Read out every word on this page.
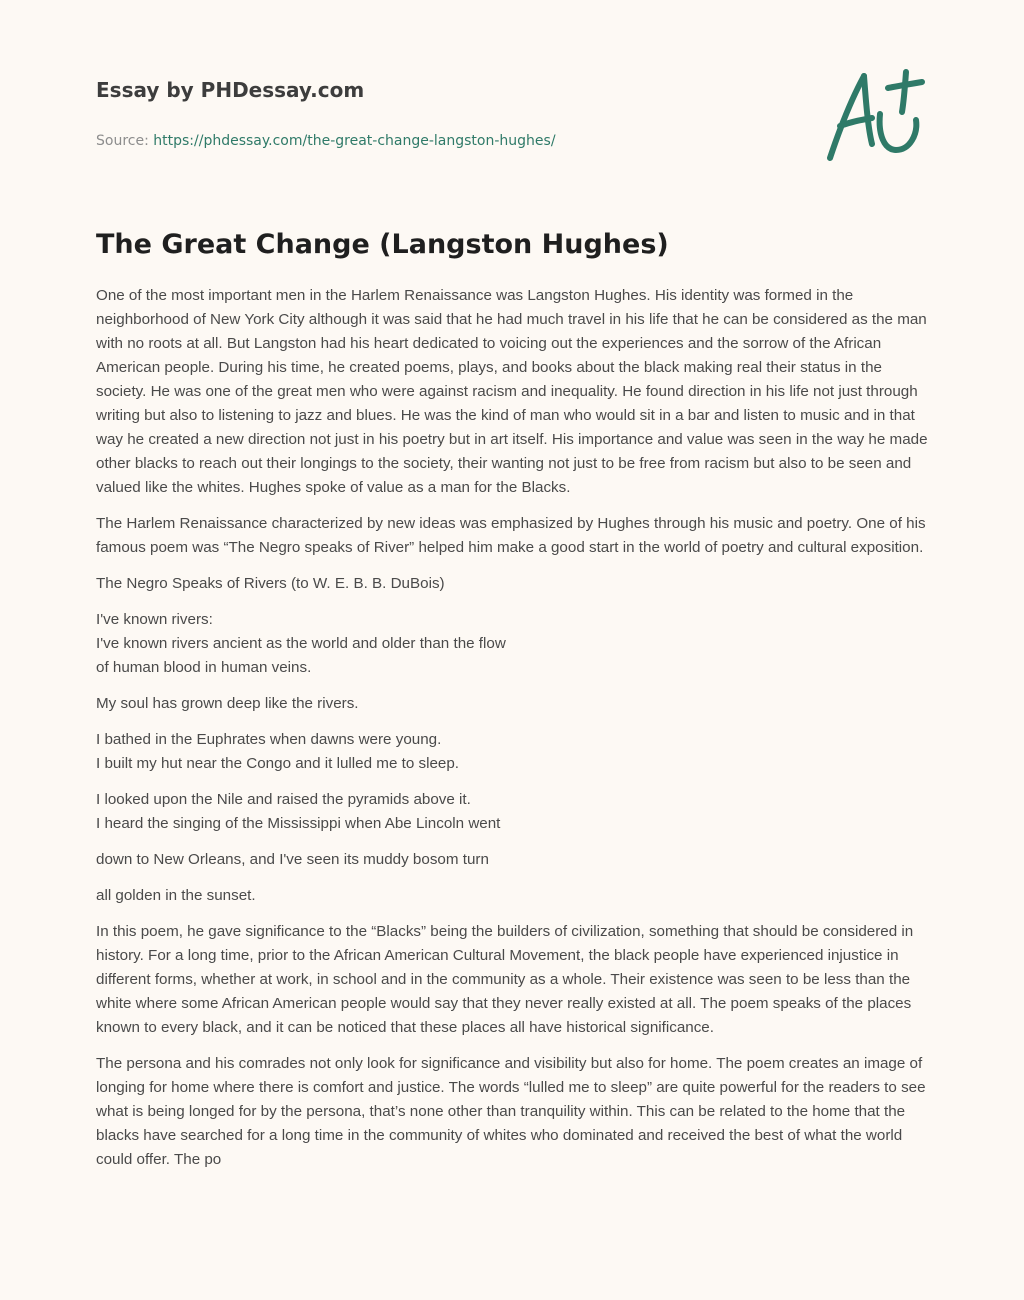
Essay by PHDessay.com
Source: https://phdessay.com/the-great-change-langston-hughes/
The Great Change (Langston Hughes)

One of the most important men in the Harlem Renaissance was Langston Hughes. His identity was formed in the neighborhood of New York City although it was said that he had much travel in his life that he can be considered as the man with no roots at all. But Langston had his heart dedicated to voicing out the experiences and the sorrow of the African American people. During his time, he created poems, plays, and books about the black making real their status in the society. He was one of the great men who were against racism and inequality. He found direction in his life not just through writing but also to listening to jazz and blues. He was the kind of man who would sit in a bar and listen to music and in that way he created a new direction not just in his poetry but in art itself. His importance and value was seen in the way he made other blacks to reach out their longings to the society, their wanting not just to be free from racism but also to be seen and valued like the whites. Hughes spoke of value as a man for the Blacks.

The Harlem Renaissance characterized by new ideas was emphasized by Hughes through his music and poetry. One of his famous poem was “The Negro speaks of River” helped him make a good start in the world of poetry and cultural exposition.

The Negro Speaks of Rivers (to W. E. B. B. DuBois)

I've known rivers:
I've known rivers ancient as the world and older than the flow
of human blood in human veins.

My soul has grown deep like the rivers.

I bathed in the Euphrates when dawns were young.
I built my hut near the Congo and it lulled me to sleep.

I looked upon the Nile and raised the pyramids above it.
I heard the singing of the Mississippi when Abe Lincoln went

down to New Orleans, and I've seen its muddy bosom turn

all golden in the sunset.

In this poem, he gave significance to the “Blacks” being the builders of civilization, something that should be considered in history. For a long time, prior to the African American Cultural Movement, the black people have experienced injustice in different forms, whether at work, in school and in the community as a whole. Their existence was seen to be less than the white where some African American people would say that they never really existed at all. The poem speaks of the places known to every black, and it can be noticed that these places all have historical significance.

The persona and his comrades not only look for significance and visibility but also for home. The poem creates an image of longing for home where there is comfort and justice. The words “lulled me to sleep” are quite powerful for the readers to see what is being longed for by the persona, that’s none other than tranquility within. This can be related to the home that the blacks have searched for a long time in the community of whites who dominated and received the best of what the world could offer. The po
